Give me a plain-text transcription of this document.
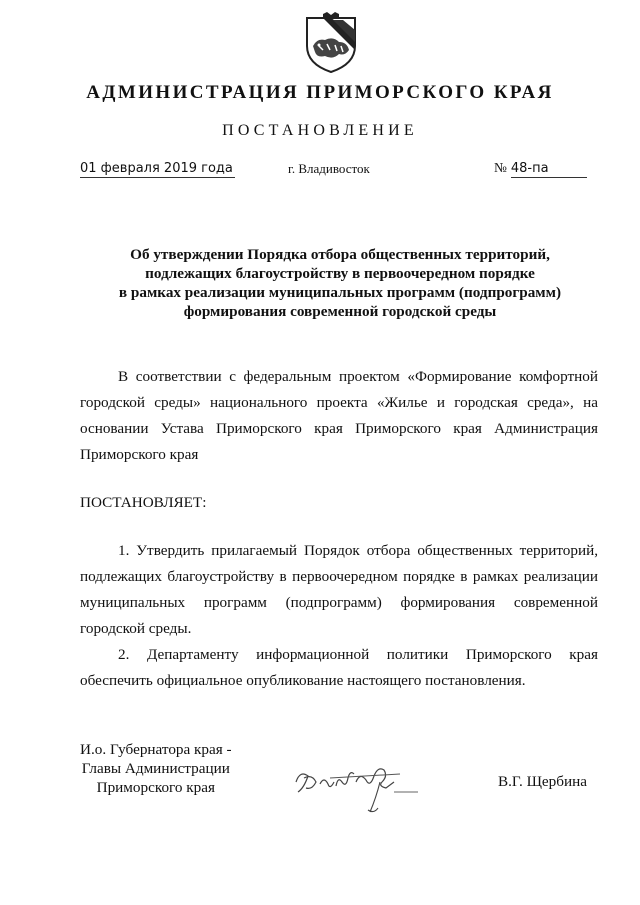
АДМИНИСТРАЦИЯ ПРИМОРСКОГО КРАЯ
ПОСТАНОВЛЕНИЕ
01 февраля 2019 года	г. Владивосток	№ 48-па
Об утверждении Порядка отбора общественных территорий,
подлежащих благоустройству в первоочередном порядке
в рамках реализации муниципальных программ (подпрограмм)
формирования современной городской среды
В соответствии с федеральным проектом «Формирование комфортной городской среды» национального проекта «Жилье и городская среда», на основании Устава Приморского края Приморского края Администрация Приморского края
ПОСТАНОВЛЯЕТ:
1. Утвердить прилагаемый Порядок отбора общественных территорий, подлежащих благоустройству в первоочередном порядке в рамках реализации муниципальных программ (подпрограмм) формирования современной городской среды.
2. Департаменту информационной политики Приморского края обеспечить официальное опубликование настоящего постановления.
И.о. Губернатора края -
Главы Администрации
Приморского края	В.Г. Щербина
